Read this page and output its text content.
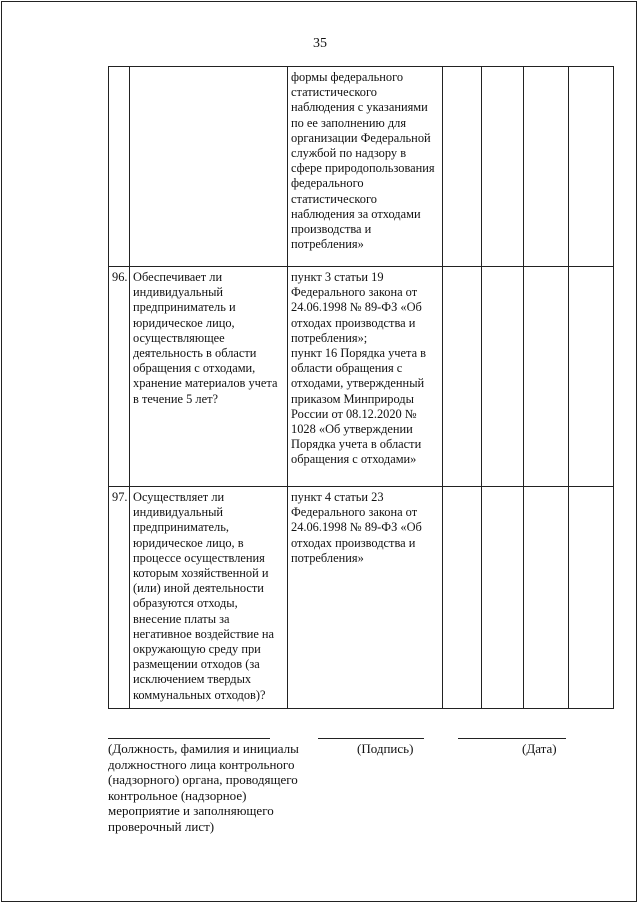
35
		формы федерального статистического наблюдения с указаниями по ее заполнению для организации Федеральной службой по надзору в сфере природопользования федерального статистического наблюдения за отходами производства и потребления»				
96.	Обеспечивает ли индивидуальный предприниматель и юридическое лицо, осуществляющее деятельность в области обращения с отходами, хранение материалов учета в течение 5 лет?	пункт 3 статьи 19 Федерального закона от 24.06.1998 № 89-ФЗ «Об отходах производства и потребления»;
пункт 16 Порядка учета в области обращения с отходами, утвержденный приказом Минприроды России от 08.12.2020 № 1028 «Об утверждении Порядка учета в области обращения с отходами»				

97.	Осуществляет ли индивидуальный предприниматель, юридическое лицо, в процессе осуществления которым хозяйственной и (или) иной деятельности образуются отходы, внесение платы за негативное воздействие на окружающую среду при размещении отходов (за исключением твердых коммунальных отходов)?	пункт 4 статьи 23 Федерального закона от 24.06.1998 № 89-ФЗ «Об отходах производства и потребления»				
(Должность, фамилия и инициалы должностного лица контрольного (надзорного) органа, проводящего контрольное (надзорное) мероприятие и заполняющего проверочный лист)
(Подпись)	(Дата)
